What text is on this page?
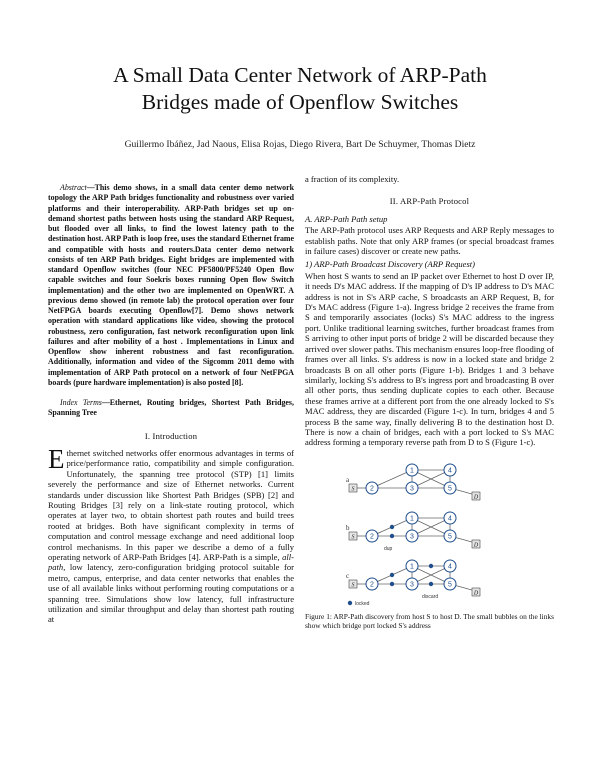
A Small Data Center Network of ARP-Path
Bridges made of Openflow Switches
Guillermo Ibáñez, Jad Naous, Elisa Rojas, Diego Rivera, Bart De Schuymer, Thomas Dietz

Abstract—This demo shows, in a small data center demo network topology the ARP Path bridges functionality and robustness over varied platforms and their interoperability. ARP-Path bridges set up on-demand shortest paths between hosts using the standard ARP Request, but flooded over all links, to find the lowest latency path to the destination host. ARP Path is loop free, uses the standard Ethernet frame and compatible with hosts and routers.Data center demo network consists of ten ARP Path bridges. Eight bridges are implemented with standard Openflow switches (four NEC PF5800/PF5240 Open flow capable switches and four Soekris boxes running Open flow Switch implementation) and the other two are implemented on OpenWRT. A previous demo showed (in remote lab) the protocol operation over four NetFPGA boards executing Openflow[7]. Demo shows network operation with standard applications like video, showing the protocol robustness, zero configuration, fast network reconfiguration upon link failures and after mobility of a host . Implementations in Linux and Openflow show inherent robustness and fast reconfiguration. Additionally, information and video of the Sigcomm 2011 demo with implementation of ARP Path protocol on a network of four NetFPGA boards (pure hardware implementation) is also posted [8].

Index Terms—Ethernet, Routing bridges, Shortest Path Bridges, Spanning Tree

I. Introduction

Ethernet switched networks offer enormous advantages in terms of price/performance ratio, compatibility and simple configuration. Unfortunately, the spanning tree protocol (STP) [1] limits severely the performance and size of Ethernet networks. Current standards under discussion like Shortest Path Bridges (SPB) [2] and Routing Bridges [3] rely on a link-state routing protocol, which operates at layer two, to obtain shortest path routes and build trees rooted at bridges. Both have significant complexity in terms of computation and control message exchange and need additional loop control mechanisms. In this paper we describe a demo of a fully operating network of ARP-Path Bridges [4]. ARP-Path is a simple, all-path, low latency, zero-configuration bridging protocol suitable for metro, campus, enterprise, and data center networks that enables the use of all available links without performing routing computations or a spanning tree. Simulations show low latency, full infrastructure utilization and similar throughput and delay than shortest path routing at

a fraction of its complexity.

II. ARP-Path Protocol
A. ARP-Path Path setup

The ARP-Path protocol uses ARP Requests and ARP Reply messages to establish paths. Note that only ARP frames (or special broadcast frames in failure cases) discover or create new paths.

1) ARP-Path Broadcast Discovery (ARP Request)

When host S wants to send an IP packet over Ethernet to host D over IP, it needs D's MAC address. If the mapping of D's IP address to D's MAC address is not in S's ARP cache, S broadcasts an ARP Request, B, for D's MAC address (Figure 1-a). Ingress bridge 2 receives the frame from S and temporarily associates (locks) S's MAC address to the ingress port. Unlike traditional learning switches, further broadcast frames from S arriving to other input ports of bridge 2 will be discarded because they arrived over slower paths. This mechanism ensures loop-free flooding of frames over all links. S's address is now in a locked state and bridge 2 broadcasts B on all other ports (Figure 1-b). Bridges 1 and 3 behave similarly, locking S's address to B's ingress port and broadcasting B over all other ports, thus sending duplicate copies to each other. Because these frames arrive at a different port from the one already locked to S's MAC address, they are discarded (Figure 1-c). In turn, bridges 4 and 5 process B the same way, finally delivering B to the destination host D. There is now a chain of bridges, each with a port locked to S's MAC address forming a temporary reverse path from D to S (Figure 1-c).

a
1
2	3
4
5
S
D
b
dup
1
2	3
4
5
S
D
c
discard
1
2	3
4
5
S
D
locked

Figure 1: ARP-Path discovery from host S to host D. The small bubbles on the links show which bridge port locked S's address
